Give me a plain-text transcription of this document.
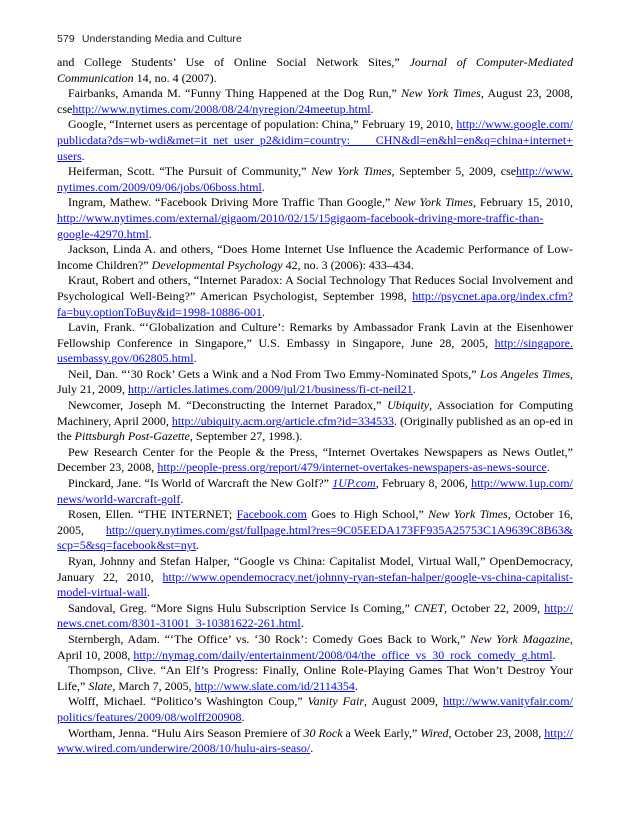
579 Understanding Media and Culture

and College Students’ Use of Online Social Network Sites,” Journal of Computer-Mediated Communication 14, no. 4 (2007).

Fairbanks, Amanda M. “Funny Thing Happened at the Dog Run,” New York Times, August 23, 2008, csehttp://www.nytimes.com/2008/08/24/nyregion/24meetup.html.

Google, “Internet users as percentage of population: China,” February 19, 2010, http://www.google.com/publicdata?ds=wb-wdi&met=it_net_user_p2&idim=country: CHN&dl=en&hl=en&q=china+internet+users.

Heiferman, Scott. “The Pursuit of Community,” New York Times, September 5, 2009, csehttp://www.nytimes.com/2009/09/06/jobs/06boss.html.

Ingram, Mathew. “Facebook Driving More Traffic Than Google,” New York Times, February 15, 2010, http://www.nytimes.com/external/gigaom/2010/02/15/15gigaom-facebook-driving-more-traffic-than-google-42970.html.

Jackson, Linda A. and others, “Does Home Internet Use Influence the Academic Performance of Low-Income Children?” Developmental Psychology 42, no. 3 (2006): 433–434.

Kraut, Robert and others, “Internet Paradox: A Social Technology That Reduces Social Involvement and Psychological Well-Being?” American Psychologist, September 1998, http://psycnet.apa.org/index.cfm?fa=buy.optionToBuy&id=1998-10886-001.

Lavin, Frank. “‘Globalization and Culture’: Remarks by Ambassador Frank Lavin at the Eisenhower Fellowship Conference in Singapore,” U.S. Embassy in Singapore, June 28, 2005, http://singapore.usembassy.gov/062805.html.

Neil, Dan. “‘30 Rock’ Gets a Wink and a Nod From Two Emmy-Nominated Spots,” Los Angeles Times, July 21, 2009, http://articles.latimes.com/2009/jul/21/business/fi-ct-neil21.

Newcomer, Joseph M. “Deconstructing the Internet Paradox,” Ubiquity, Association for Computing Machinery, April 2000, http://ubiquity.acm.org/article.cfm?id=334533. (Originally published as an op-ed in the Pittsburgh Post-Gazette, September 27, 1998.).

Pew Research Center for the People & the Press, “Internet Overtakes Newspapers as News Outlet,” December 23, 2008, http://people-press.org/report/479/internet-overtakes-newspapers-as-news-source.

Pinckard, Jane. “Is World of Warcraft the New Golf?” 1UP.com, February 8, 2006, http://www.1up.com/news/world-warcraft-golf.

Rosen, Ellen. “THE INTERNET; Facebook.com Goes to High School,” New York Times, October 16, 2005, http://query.nytimes.com/gst/fullpage.html?res=9C05EEDA173FF935A25753C1A9639C8B63&scp=5&sq=facebook&st=nyt.

Ryan, Johnny and Stefan Halper, “Google vs China: Capitalist Model, Virtual Wall,” OpenDemocracy, January 22, 2010, http://www.opendemocracy.net/johnny-ryan-stefan-halper/google-vs-china-capitalist-model-virtual-wall.

Sandoval, Greg. “More Signs Hulu Subscription Service Is Coming,” CNET, October 22, 2009, http://news.cnet.com/8301-31001_3-10381622-261.html.

Sternbergh, Adam. “‘The Office’ vs. ‘30 Rock’: Comedy Goes Back to Work,” New York Magazine, April 10, 2008, http://nymag.com/daily/entertainment/2008/04/the_office_vs_30_rock_comedy_g.html.

Thompson, Clive. “An Elf’s Progress: Finally, Online Role-Playing Games That Won’t Destroy Your Life,” Slate, March 7, 2005, http://www.slate.com/id/2114354.

Wolff, Michael. “Politico’s Washington Coup,” Vanity Fair, August 2009, http://www.vanityfair.com/politics/features/2009/08/wolff200908.

Wortham, Jenna. “Hulu Airs Season Premiere of 30 Rock a Week Early,” Wired, October 23, 2008, http://www.wired.com/underwire/2008/10/hulu-airs-seaso/.
